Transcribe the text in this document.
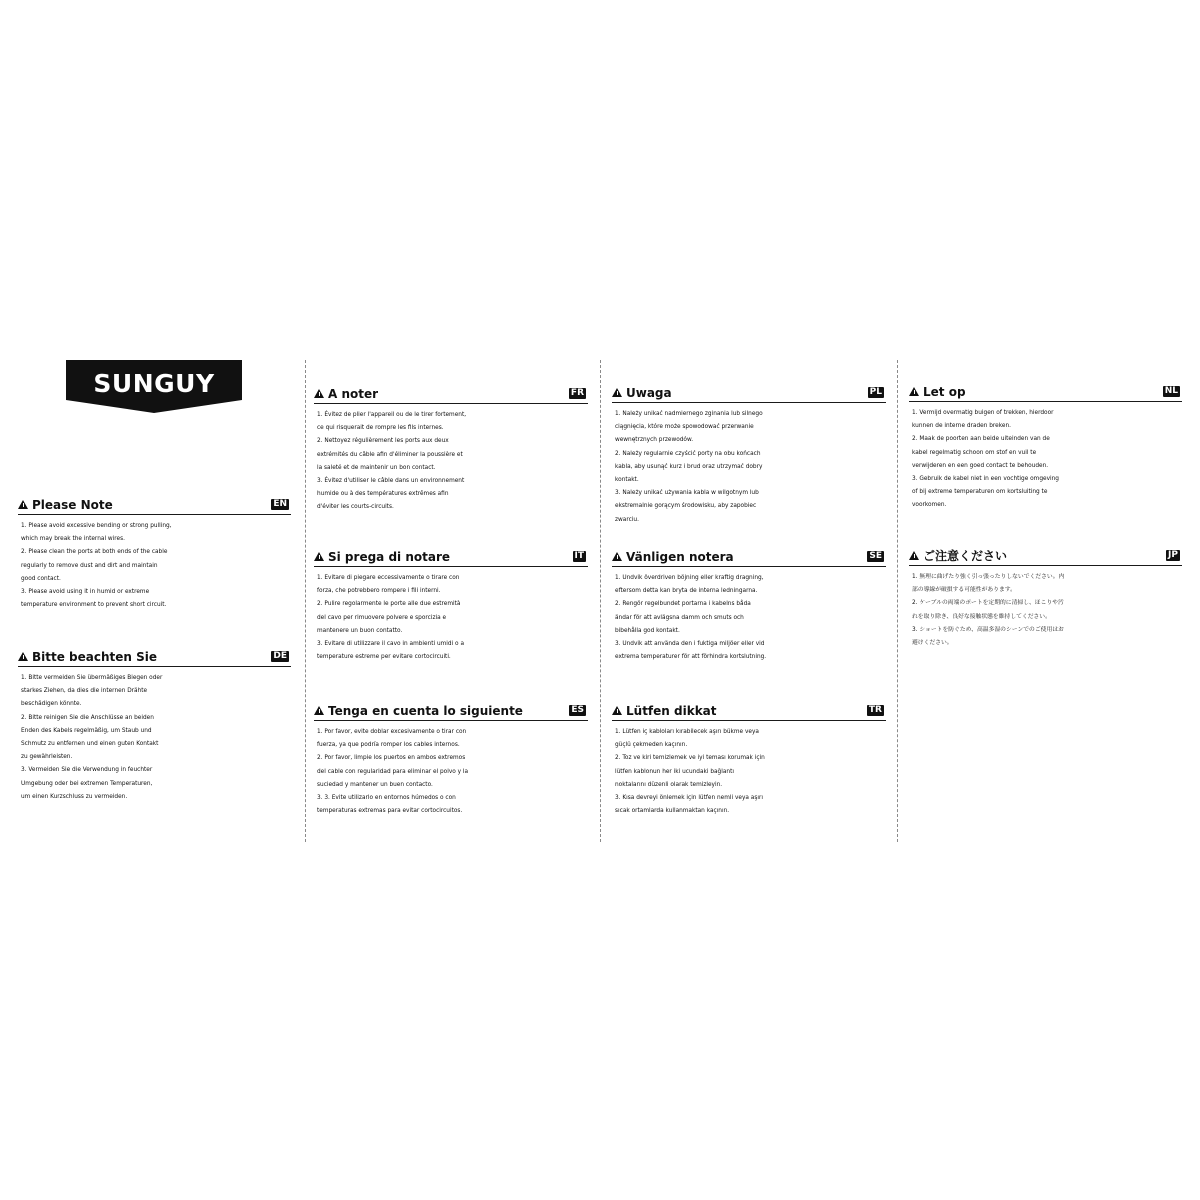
SUNGUY
Please Note	EN
1. Please avoid excessive bending or strong pulling,
which may break the internal wires.
2. Please clean the ports at both ends of the cable
regularly to remove dust and dirt and maintain
good contact.
3. Please avoid using it in humid or extreme
temperature environment to prevent short circuit.
Bitte beachten Sie	DE
1. Bitte vermeiden Sie übermäßiges Biegen oder
starkes Ziehen, da dies die internen Drähte
beschädigen könnte.
2. Bitte reinigen Sie die Anschlüsse an beiden
Enden des Kabels regelmäßig, um Staub und
Schmutz zu entfernen und einen guten Kontakt
zu gewährleisten.
3. Vermeiden Sie die Verwendung in feuchter
Umgebung oder bei extremen Temperaturen,
um einen Kurzschluss zu vermeiden.
A noter	FR
1. Évitez de plier l'appareil ou de le tirer fortement,
ce qui risquerait de rompre les fils internes.
2. Nettoyez régulièrement les ports aux deux
extrémités du câble afin d'éliminer la poussière et
la saleté et de maintenir un bon contact.
3. Évitez d'utiliser le câble dans un environnement
humide ou à des températures extrêmes afin
d'éviter les courts-circuits.
Si prega di notare	IT
1. Evitare di piegare eccessivamente o tirare con
forza, che potrebbero rompere i fili interni.
2. Pulire regolarmente le porte alle due estremità
del cavo per rimuovere polvere e sporcizia e
mantenere un buon contatto.
3. Evitare di utilizzare il cavo in ambienti umidi o a
temperature estreme per evitare cortocircuiti.
Tenga en cuenta lo siguiente	ES
1. Por favor, evite doblar excesivamente o tirar con
fuerza, ya que podría romper los cables internos.
2. Por favor, limpie los puertos en ambos extremos
del cable con regularidad para eliminar el polvo y la
suciedad y mantener un buen contacto.
3. 3. Evite utilizarlo en entornos húmedos o con
temperaturas extremas para evitar cortocircuitos.
Uwaga	PL
1. Należy unikać nadmiernego zginania lub silnego
ciągnięcia, które może spowodować przerwanie
wewnętrznych przewodów.
2. Należy regularnie czyścić porty na obu końcach
kabla, aby usunąć kurz i brud oraz utrzymać dobry
kontakt.
3. Należy unikać używania kabla w wilgotnym lub
ekstremalnie gorącym środowisku, aby zapobiec
zwarciu.
Vänligen notera	SE
1. Undvik överdriven böjning eller kraftig dragning,
eftersom detta kan bryta de interna ledningarna.
2. Rengör regelbundet portarna i kabelns båda
ändar för att avlägsna damm och smuts och
bibehålla god kontakt.
3. Undvik att använda den i fuktiga miljöer eller vid
extrema temperaturer för att förhindra kortslutning.
Lütfen dikkat	TR
1. Lütfen iç kabloları kırabilecek aşırı bükme veya
güçlü çekmeden kaçının.
2. Toz ve kiri temizlemek ve iyi teması korumak için
lütfen kablonun her iki ucundaki bağlantı
noktalarını düzenli olarak temizleyin.
3. Kısa devreyi önlemek için lütfen nemli veya aşırı
sıcak ortamlarda kullanmaktan kaçının.
Let op	NL
1. Vermijd overmatig buigen of trekken, hierdoor
kunnen de interne draden breken.
2. Maak de poorten aan beide uiteinden van de
kabel regelmatig schoon om stof en vuil te
verwijderen en een goed contact te behouden.
3. Gebruik de kabel niet in een vochtige omgeving
of bij extreme temperaturen om kortsluiting te
voorkomen.
ご注意ください	JP
1. 無理に曲げたり強く引っ張ったりしないでください。内
部の導線が破損する可能性があります。
2. ケーブルの両端のポートを定期的に清掃し、ほこりや汚
れを取り除き、良好な接触状態を維持してください。
3. ショートを防ぐため、高温多湿のシーンでのご使用はお
避けください。
